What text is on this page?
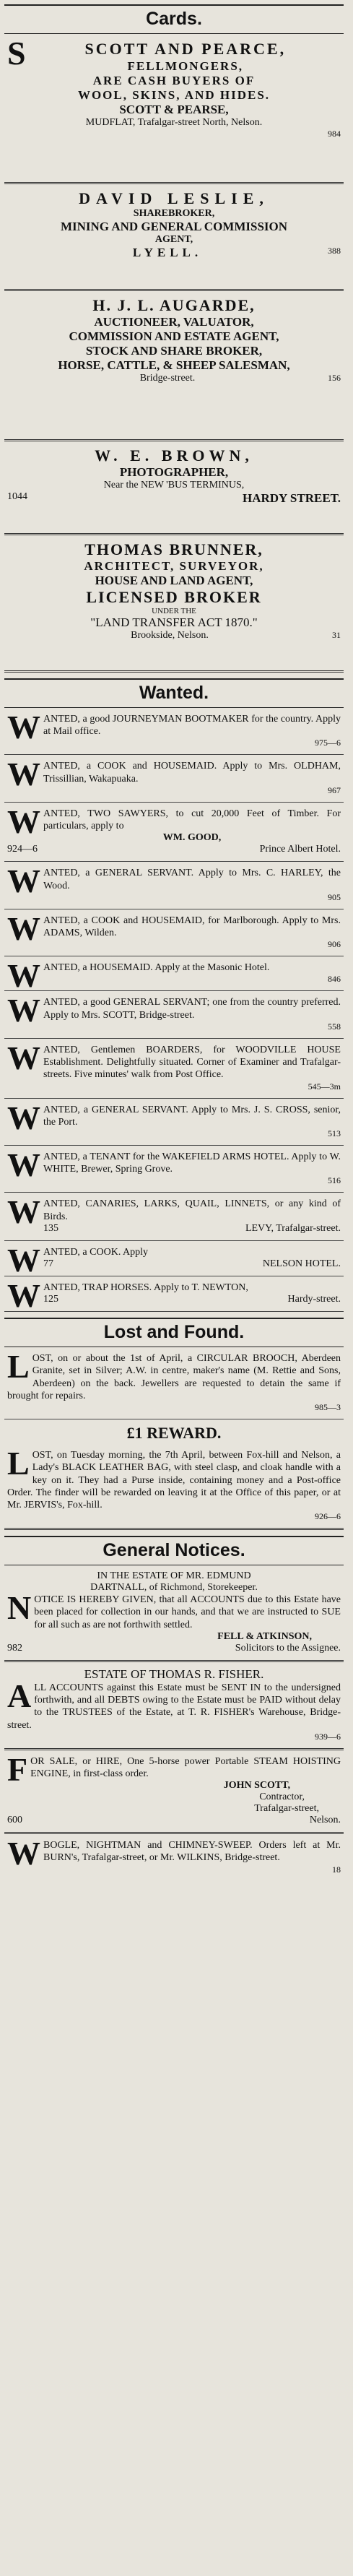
Cards.
S	SCOTT AND PEARCE,
FELLMONGERS,
ARE CASH BUYERS OF
WOOL, SKINS, AND HIDES.
SCOTT & PEARSE,
MUDFLAT, Trafalgar-street North, Nelson.
984
DAVID LESLIE,
SHAREBROKER,
MINING AND GENERAL COMMISSION
AGENT,
LYELL.	388
H. J. L. AUGARDE,
AUCTIONEER, VALUATOR,
COMMISSION AND ESTATE AGENT,
STOCK AND SHARE BROKER,
HORSE, CATTLE, & SHEEP SALESMAN,
Bridge-street.	156
W. E. BROWN,
PHOTOGRAPHER,
Near the NEW 'BUS TERMINUS,
1044	HARDY STREET.
THOMAS BRUNNER,
ARCHITECT, SURVEYOR,
HOUSE AND LAND AGENT,
LICENSED BROKER
UNDER THE
"LAND TRANSFER ACT 1870."
Brookside, Nelson.	31
Wanted.
W ANTED, a good JOURNEYMAN BOOTMAKER for the country. Apply at Mail office.
975—6
W ANTED, a COOK and HOUSEMAID. Apply to Mrs. OLDHAM, Trissillian, Wakapuaka.
967
W ANTED, TWO SAWYERS, to cut 20,000 Feet of Timber. For particulars, apply to
WM. GOOD,
924—6	Prince Albert Hotel.
W ANTED, a GENERAL SERVANT. Apply to Mrs. C. HARLEY, the Wood.
905
W ANTED, a COOK and HOUSEMAID, for Marlborough. Apply to Mrs. ADAMS, Wilden.
906
W ANTED, a HOUSEMAID. Apply at the Masonic Hotel.
846
W ANTED, a good GENERAL SERVANT; one from the country preferred. Apply to Mrs. SCOTT, Bridge-street.
558
W ANTED, Gentlemen BOARDERS, for WOODVILLE HOUSE Establishment. Delightfully situated. Corner of Examiner and Trafalgar-streets. Five minutes' walk from Post Office.
545—3m
W ANTED, a GENERAL SERVANT. Apply to Mrs. J. S. CROSS, senior, the Port.
513
W ANTED, a TENANT for the WAKEFIELD ARMS HOTEL. Apply to W. WHITE, Brewer, Spring Grove.
516
W ANTED, CANARIES, LARKS, QUAIL, LINNETS, or any kind of Birds.
135	LEVY, Trafalgar-street.
W ANTED, a COOK. Apply
77	NELSON HOTEL.
W ANTED, TRAP HORSES. Apply to T. NEWTON,
125	Hardy-street.
Lost and Found.
L OST, on or about the 1st of April, a CIRCULAR BROOCH, Aberdeen Granite, set in Silver; A.W. in centre, maker's name (M. Rettie and Sons, Aberdeen) on the back. Jewellers are requested to detain the same if brought for repairs.
985—3
£1 REWARD.
L OST, on Tuesday morning, the 7th April, between Fox-hill and Nelson, a Lady's BLACK LEATHER BAG, with steel clasp, and cloak handle with a key on it. They had a Purse inside, containing money and a Post-office Order. The finder will be rewarded on leaving it at the Office of this paper, or at Mr. JERVIS's, Fox-hill.
926—6
General Notices.
IN THE ESTATE OF MR. EDMUND
DARTNALL, of Richmond, Storekeeper.
N OTICE IS HEREBY GIVEN, that all ACCOUNTS due to this Estate have been placed for collection in our hands, and that we are instructed to SUE for all such as are not forthwith settled.
FELL & ATKINSON,
982	Solicitors to the Assignee.
ESTATE OF THOMAS R. FISHER.
A LL ACCOUNTS against this Estate must be SENT IN to the undersigned forthwith, and all DEBTS owing to the Estate must be PAID without delay to the TRUSTEES of the Estate, at T. R. FISHER's Warehouse, Bridge-street.
939—6
F OR SALE, or HIRE, One 5-horse power Portable STEAM HOISTING ENGINE, in first-class order.
JOHN SCOTT,
Contractor,
Trafalgar-street,
600	Nelson.
W BOGLE, NIGHTMAN and CHIMNEY-SWEEP. Orders left at Mr. BURN's, Trafalgar-street, or Mr. WILKINS, Bridge-street.
18
